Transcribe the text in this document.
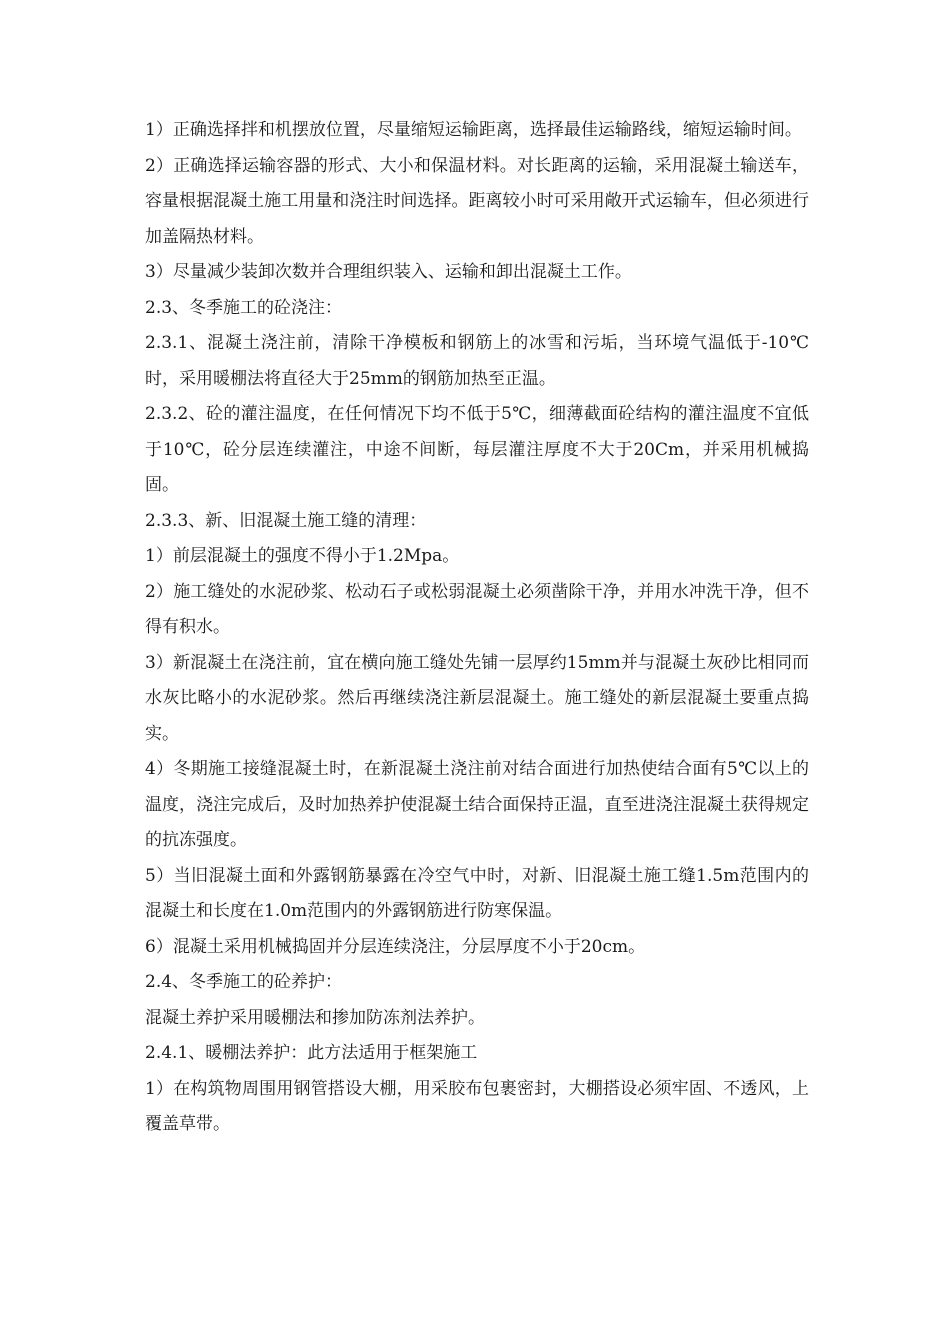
1）正确选择拌和机摆放位置，尽量缩短运输距离，选择最佳运输路线，缩短运输时间。

2）正确选择运输容器的形式、大小和保温材料。对长距离的运输，采用混凝土输送车，容量根据混凝土施工用量和浇注时间选择。距离较小时可采用敞开式运输车，但必须进行加盖隔热材料。

3）尽量减少装卸次数并合理组织装入、运输和卸出混凝土工作。

2.3、冬季施工的砼浇注：

2.3.1、混凝土浇注前，清除干净模板和钢筋上的冰雪和污垢，当环境气温低于-10℃时，采用暖棚法将直径大于25mm的钢筋加热至正温。

2.3.2、砼的灌注温度，在任何情况下均不低于5℃，细薄截面砼结构的灌注温度不宜低于10℃，砼分层连续灌注，中途不间断，每层灌注厚度不大于20Cm，并采用机械捣固。

2.3.3、新、旧混凝土施工缝的清理：

1）前层混凝土的强度不得小于1.2Mpa。

2）施工缝处的水泥砂浆、松动石子或松弱混凝土必须凿除干净，并用水冲洗干净，但不得有积水。

3）新混凝土在浇注前，宜在横向施工缝处先铺一层厚约15mm并与混凝土灰砂比相同而水灰比略小的水泥砂浆。然后再继续浇注新层混凝土。施工缝处的新层混凝土要重点捣实。

4）冬期施工接缝混凝土时，在新混凝土浇注前对结合面进行加热使结合面有5℃以上的温度，浇注完成后，及时加热养护使混凝土结合面保持正温，直至进浇注混凝土获得规定的抗冻强度。

5）当旧混凝土面和外露钢筋暴露在冷空气中时，对新、旧混凝土施工缝1.5m范围内的混凝土和长度在1.0m范围内的外露钢筋进行防寒保温。

6）混凝土采用机械捣固并分层连续浇注，分层厚度不小于20cm。

2.4、冬季施工的砼养护：

混凝土养护采用暖棚法和掺加防冻剂法养护。

2.4.1、暖棚法养护：此方法适用于框架施工

1）在构筑物周围用钢管搭设大棚，用采胶布包裹密封，大棚搭设必须牢固、不透风，上覆盖草带。
